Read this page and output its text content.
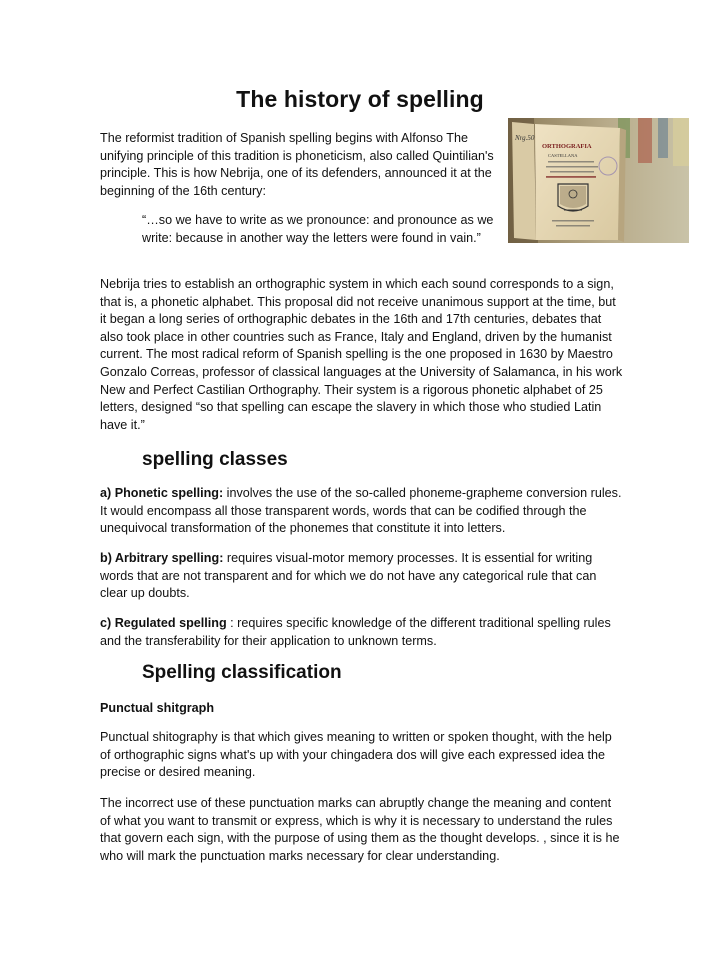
The history of spelling
Nrg.50
ORTHOGRAFIA
CASTELLANA

The reformist tradition of Spanish spelling begins with Alfonso The unifying principle of this tradition is phoneticism, also called Quintilian's principle. This is how Nebrija, one of its defenders, announced it at the beginning of the 16th century:

“…so we have to write as we pronounce: and pronounce as we write: because in another way the letters were found in vain.”

Nebrija tries to establish an orthographic system in which each sound corresponds to a sign, that is, a phonetic alphabet. This proposal did not receive unanimous support at the time, but it began a long series of orthographic debates in the 16th and 17th centuries, debates that also took place in other countries such as France, Italy and England, driven by the humanist current. The most radical reform of Spanish spelling is the one proposed in 1630 by Maestro Gonzalo Correas, professor of classical languages at the University of Salamanca, in his work New and Perfect Castilian Orthography. Their system is a rigorous phonetic alphabet of 25 letters, designed “so that spelling can escape the slavery in which those who studied Latin have it.”

spelling classes

a) Phonetic spelling: involves the use of the so-called phoneme-grapheme conversion rules. It would encompass all those transparent words, words that can be codified through the unequivocal transformation of the phonemes that constitute it into letters.

b) Arbitrary spelling: requires visual-motor memory processes. It is essential for writing words that are not transparent and for which we do not have any categorical rule that can clear up doubts.

c) Regulated spelling : requires specific knowledge of the different traditional spelling rules and the transferability for their application to unknown terms.

Spelling classification

Punctual shitgraph

Punctual shitography is that which gives meaning to written or spoken thought, with the help of orthographic signs what's up with your chingadera dos will give each expressed idea the precise or desired meaning.

The incorrect use of these punctuation marks can abruptly change the meaning and content of what you want to transmit or express, which is why it is necessary to understand the rules that govern each sign, with the purpose of using them as the thought develops. , since it is he who will mark the punctuation marks necessary for clear understanding.
